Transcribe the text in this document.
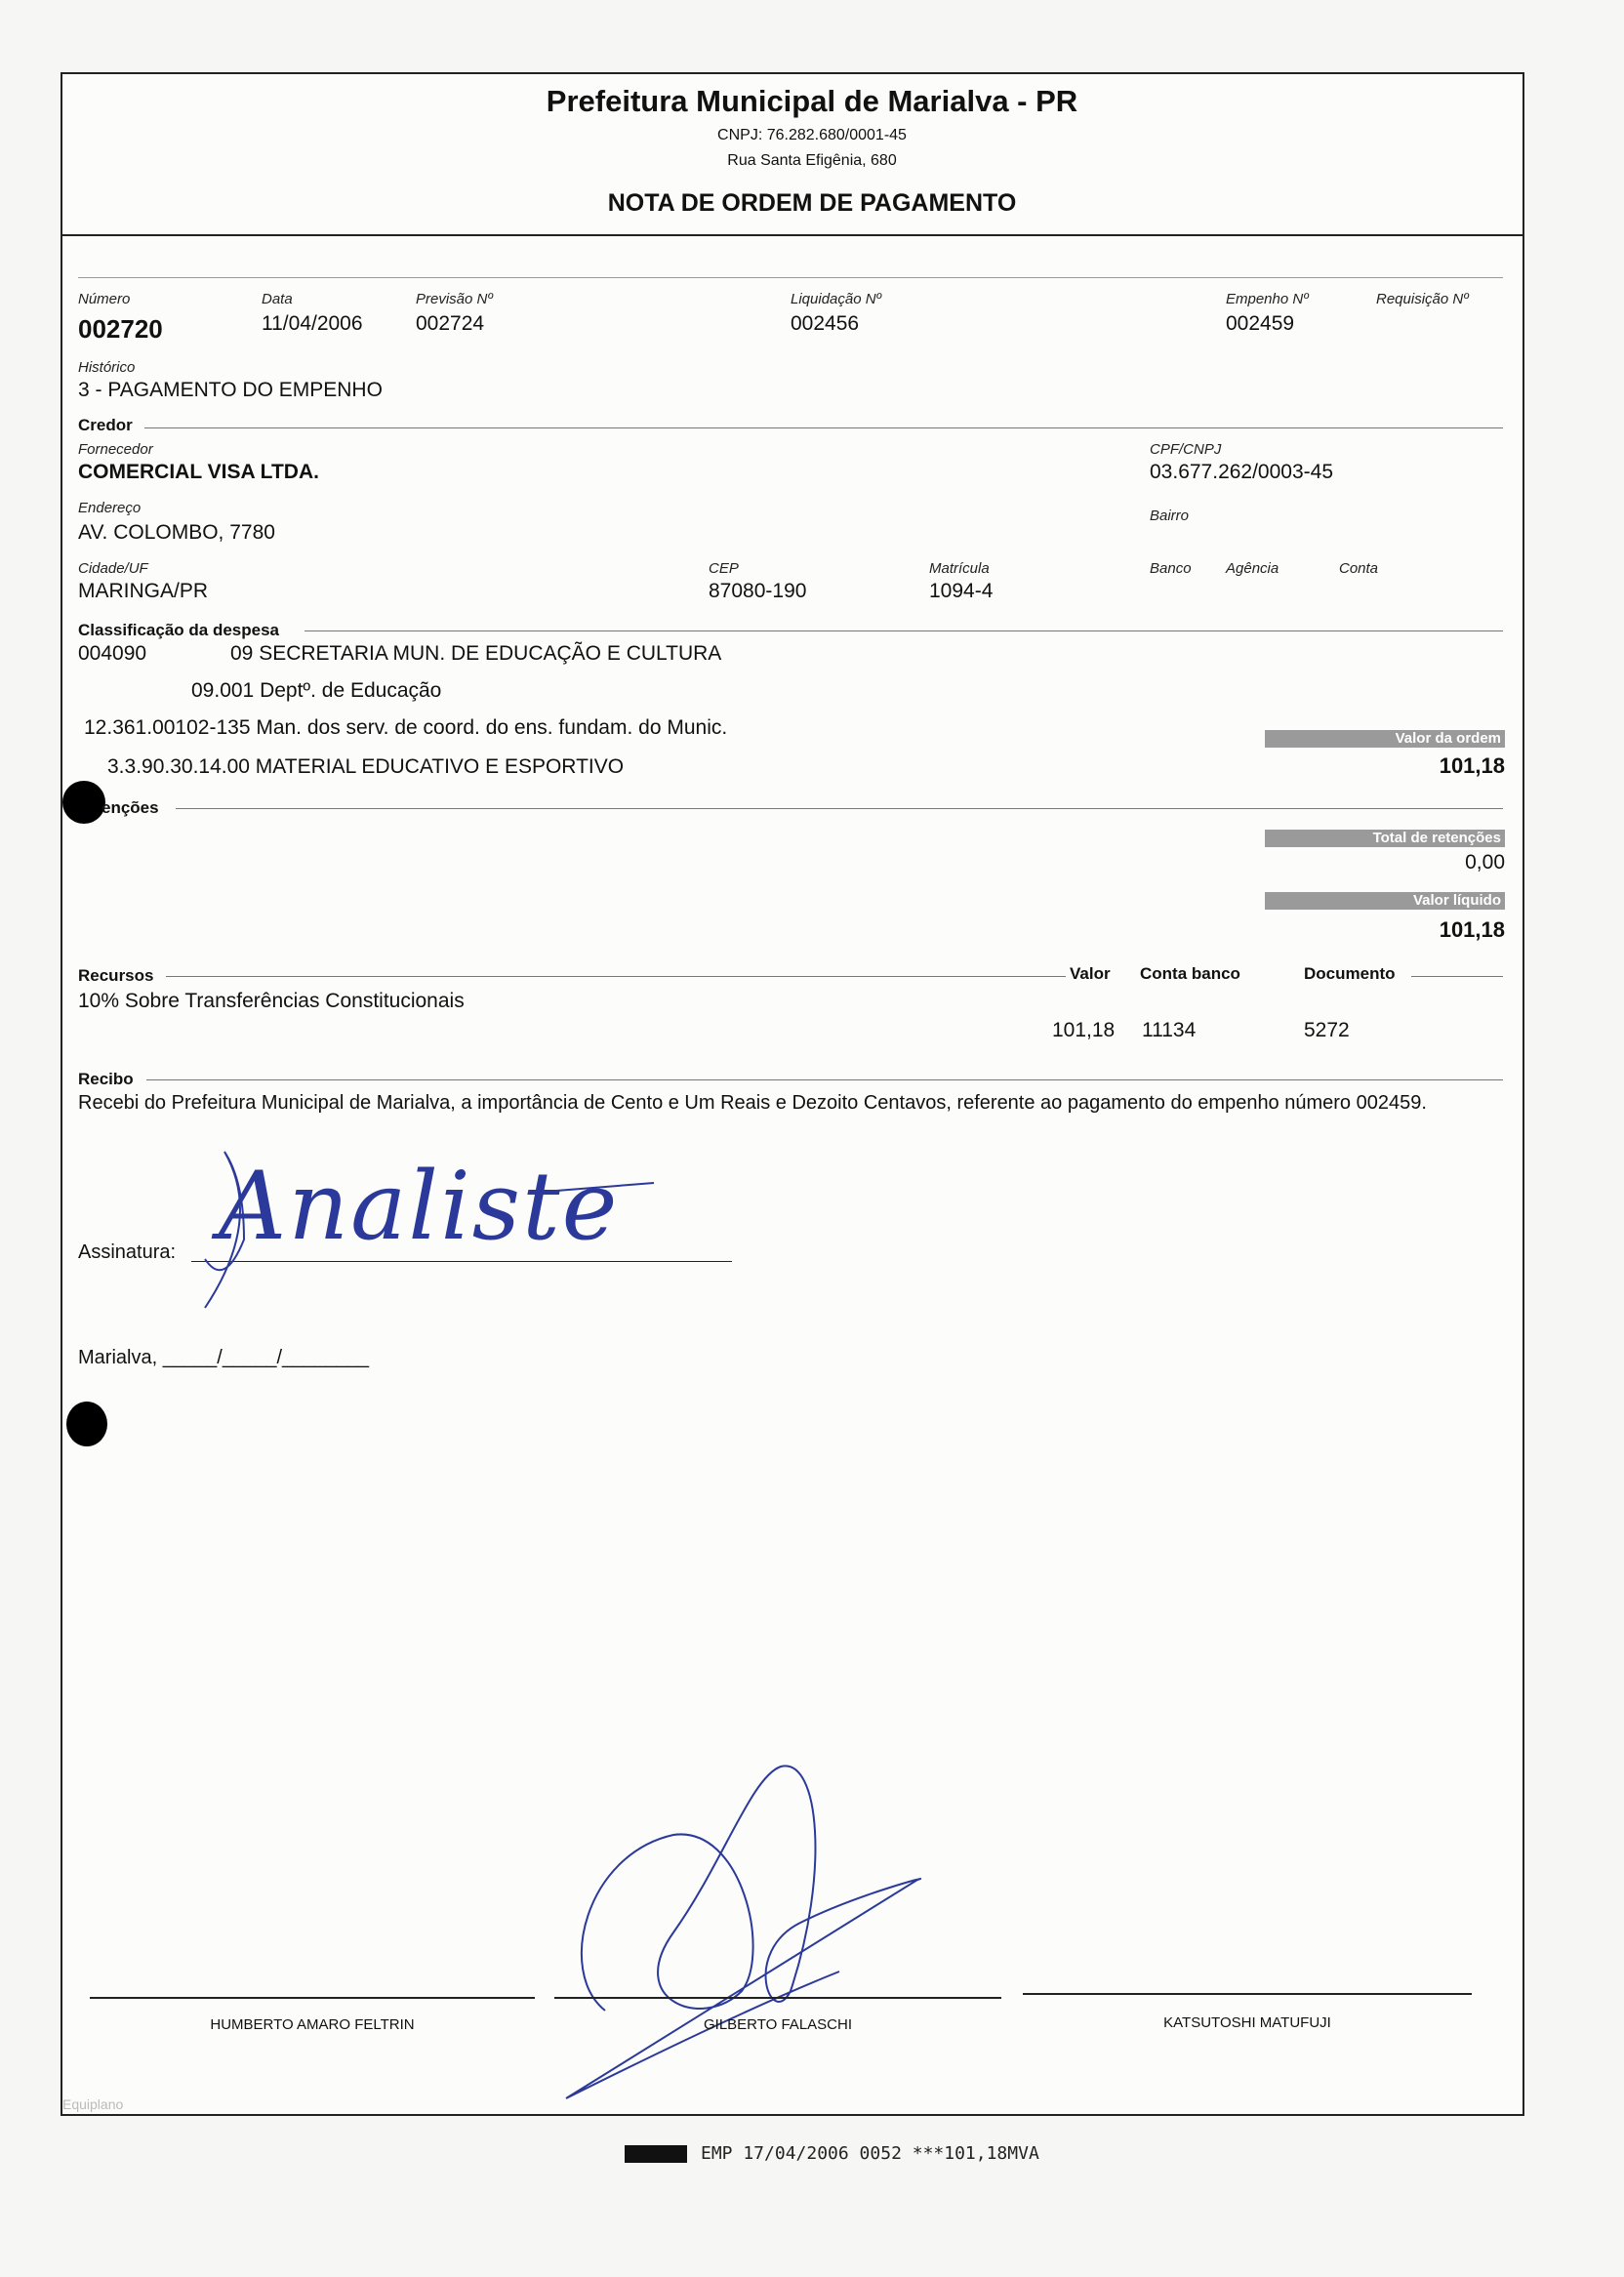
Prefeitura Municipal de Marialva - PR
CNPJ: 76.282.680/0001-45
Rua Santa Efigênia, 680
NOTA DE ORDEM DE PAGAMENTO
Número
002720
Data
11/04/2006
Previsão Nº
002724
Liquidação Nº
002456
Empenho Nº
002459
Requisição Nº
Histórico
3 - PAGAMENTO DO EMPENHO
Credor
Fornecedor
COMERCIAL VISA LTDA.
CPF/CNPJ
03.677.262/0003-45
Endereço
AV. COLOMBO, 7780
Bairro
Cidade/UF
MARINGA/PR
CEP
87080-190
Matrícula
1094-4
Banco Agência	Conta
Classificação da despesa
004090	09 SECRETARIA MUN. DE EDUCAÇÃO E CULTURA
09.001 Deptº. de Educação
12.361.00102-135 Man. dos serv. de coord. do ens. fundam. do Munic.
3.3.90.30.14.00 MATERIAL EDUCATIVO E ESPORTIVO
Valor da ordem
101,18
enções
Total de retenções
0,00
Valor líquido
101,18
Recursos	Valor Conta banco	Documento
10% Sobre Transferências Constitucionais
101,18 11134	5272
Recibo
Recebi do Prefeitura Municipal de Marialva, a importância de Cento e Um Reais e Dezoito Centavos, referente ao pagamento do empenho número 002459.
Assinatura: Analiste
Marialva, _____/_____/________
HUMBERTO AMARO FELTRIN	GILBERTO FALASCHI	KATSUTOSHI MATUFUJI
Equiplano
EMP 17/04/2006 0052 ***101,18MVA
